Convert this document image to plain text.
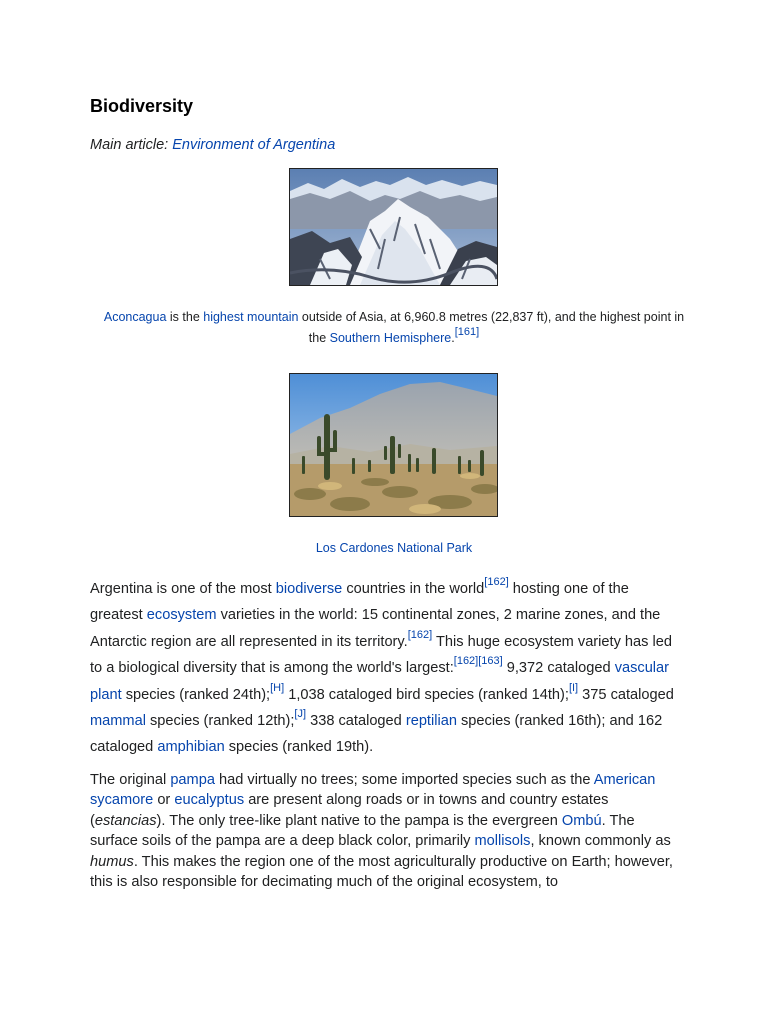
Biodiversity
Main article: Environment of Argentina
Aconcagua is the highest mountain outside of Asia, at 6,960.8 metres (22,837 ft), and the highest point in the Southern Hemisphere.[161]
Los Cardones National Park
Argentina is one of the most biodiverse countries in the world[162] hosting one of the greatest ecosystem varieties in the world: 15 continental zones, 2 marine zones, and the Antarctic region are all represented in its territory.[162] This huge ecosystem variety has led to a biological diversity that is among the world's largest:[162][163] 9,372 cataloged vascular plant species (ranked 24th);[H] 1,038 cataloged bird species (ranked 14th);[I] 375 cataloged mammal species (ranked 12th);[J] 338 cataloged reptilian species (ranked 16th); and 162 cataloged amphibian species (ranked 19th).
The original pampa had virtually no trees; some imported species such as the American sycamore or eucalyptus are present along roads or in towns and country estates (estancias). The only tree-like plant native to the pampa is the evergreen Ombú. The surface soils of the pampa are a deep black color, primarily mollisols, known commonly as humus. This makes the region one of the most agriculturally productive on Earth; however, this is also responsible for decimating much of the original ecosystem, to
